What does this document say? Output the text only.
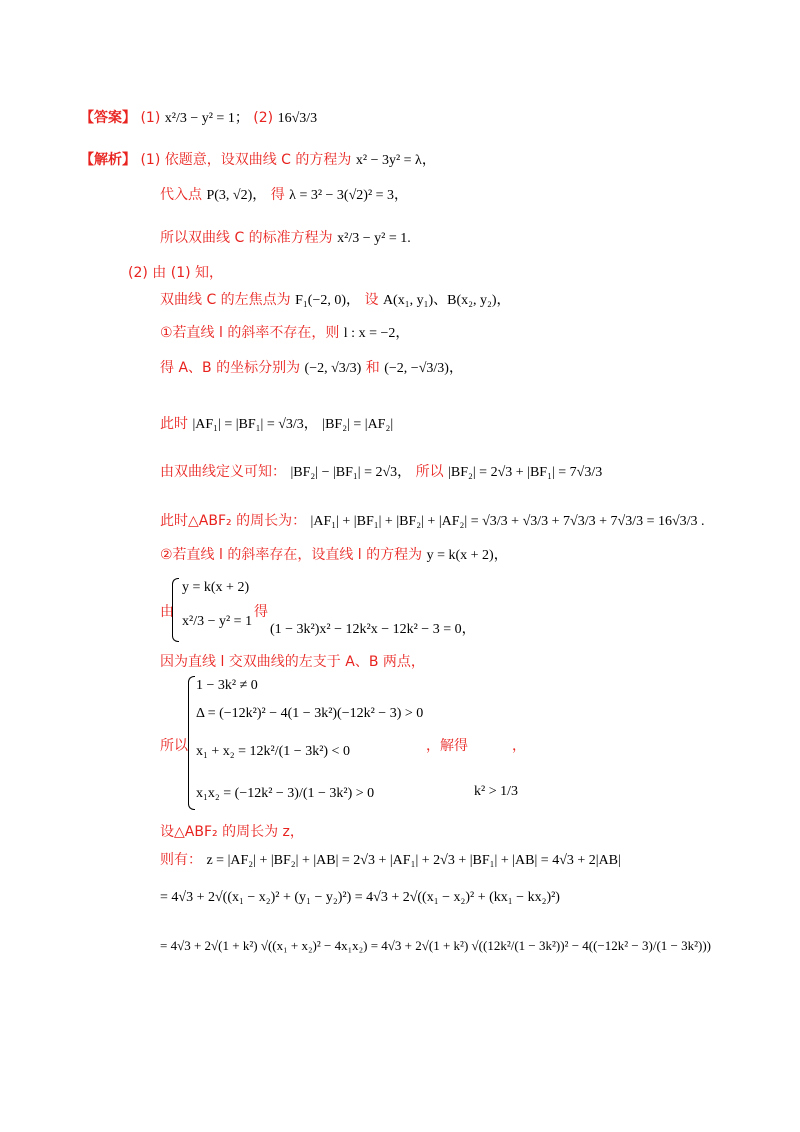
【答案】 (1) x²/3 − y² = 1； (2) 16√3/3
【解析】 (1) 依题意，设双曲线 C 的方程为 x² − 3y² = λ，
代入点 P(3, √2)， 得 λ = 3² − 3(√2)² = 3，
所以双曲线 C 的标准方程为 x²/3 − y² = 1.
(2) 由 (1) 知，
双曲线 C 的左焦点为 F₁(−2, 0)， 设 A(x₁, y₁)、B(x₂, y₂)，
①若直线 l 的斜率不存在，则 l : x = −2，
得 A、B 的坐标分别为 (−2, √3/3) 和 (−2, −√3/3)，
此时 |AF₁| = |BF₁| = √3/3， |BF₂| = |AF₂|
由双曲线定义可知： |BF₂| − |BF₁| = 2√3， 所以 |BF₂| = 2√3 + |BF₁| = 7√3/3
此时△ABF₂ 的周长为： |AF₁| + |BF₁| + |BF₂| + |AF₂| = √3/3 + √3/3 + 7√3/3 + 7√3/3 = 16√3/3 .
②若直线 l 的斜率存在，设直线 l 的方程为 y = k(x + 2)，
由
y = k(x + 2)
x²/3 − y² = 1
得
(1 − 3k²)x² − 12k²x − 12k² − 3 = 0，
因为直线 l 交双曲线的左支于 A、B 两点，
所以
1 − 3k² ≠ 0
Δ = (−12k²)² − 4(1 − 3k²)(−12k² − 3) > 0
x₁ + x₂ = 12k²/(1 − 3k²) < 0
x₁x₂ = (−12k² − 3)/(1 − 3k²) > 0
，解得	，
k² > 1/3
设△ABF₂ 的周长为 z，
则有： z = |AF₂| + |BF₂| + |AB| = 2√3 + |AF₁| + 2√3 + |BF₁| + |AB| = 4√3 + 2|AB|
= 4√3 + 2√((x₁ − x₂)² + (y₁ − y₂)²) = 4√3 + 2√((x₁ − x₂)² + (kx₁ − kx₂)²)
= 4√3 + 2√(1 + k²) √((x₁ + x₂)² − 4x₁x₂) = 4√3 + 2√(1 + k²) √((12k²/(1 − 3k²))² − 4((−12k² − 3)/(1 − 3k²)))
